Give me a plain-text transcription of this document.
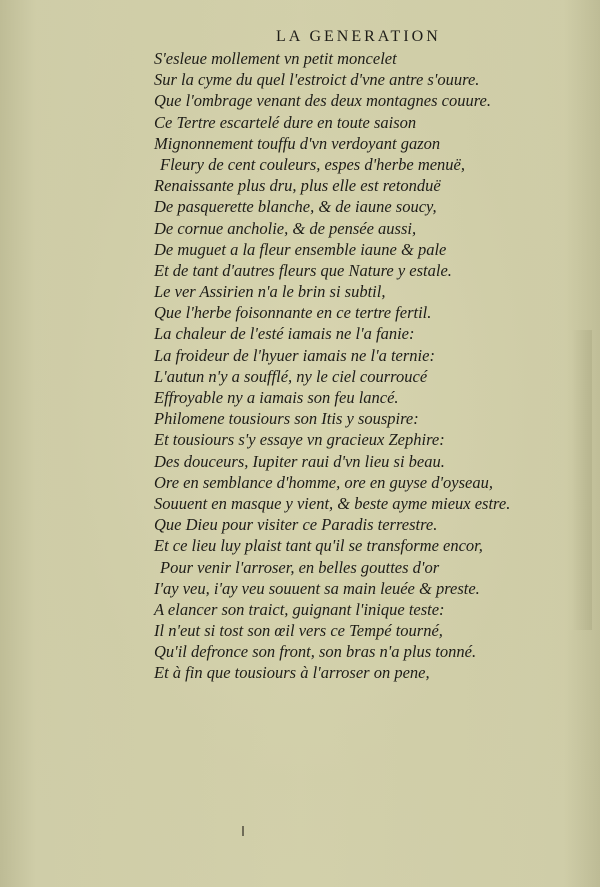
LA GENERATION
S'esleue mollement vn petit moncelet
Sur la cyme du quel l'estroict d'vne antre s'ouure.
Que l'ombrage venant des deux montagnes couure.
Ce Tertre escartelé dure en toute saison
Mignonnement touffu d'vn verdoyant gazon
Fleury de cent couleurs, espes d'herbe menuë,
Renaissante plus dru, plus elle est retonduë
De pasquerette blanche, & de iaune soucy,
De cornue ancholie, & de pensée aussi,
De muguet a la fleur ensemble iaune & pale
Et de tant d'autres fleurs que Nature y estale.
Le ver Assirien n'a le brin si subtil,
Que l'herbe foisonnante en ce tertre fertil.
La chaleur de l'esté iamais ne l'a fanie:
La froideur de l'hyuer iamais ne l'a ternie:
L'autun n'y a soufflé, ny le ciel courroucé
Effroyable ny a iamais son feu lancé.
Philomene tousiours son Itis y souspire:
Et tousiours s'y essaye vn gracieux Zephire:
Des douceurs, Iupiter raui d'vn lieu si beau.
Ore en semblance d'homme, ore en guyse d'oyseau,
Souuent en masque y vient, & beste ayme mieux estre.
Que Dieu pour visiter ce Paradis terrestre.
Et ce lieu luy plaist tant qu'il se transforme encor,
Pour venir l'arroser, en belles gouttes d'or
I'ay veu, i'ay veu souuent sa main leuée & preste.
A elancer son traict, guignant l'inique teste:
Il n'eut si tost son œil vers ce Tempé tourné,
Qu'il defronce son front, son bras n'a plus tonné.
Et à fin que tousiours à l'arroser on pene,
